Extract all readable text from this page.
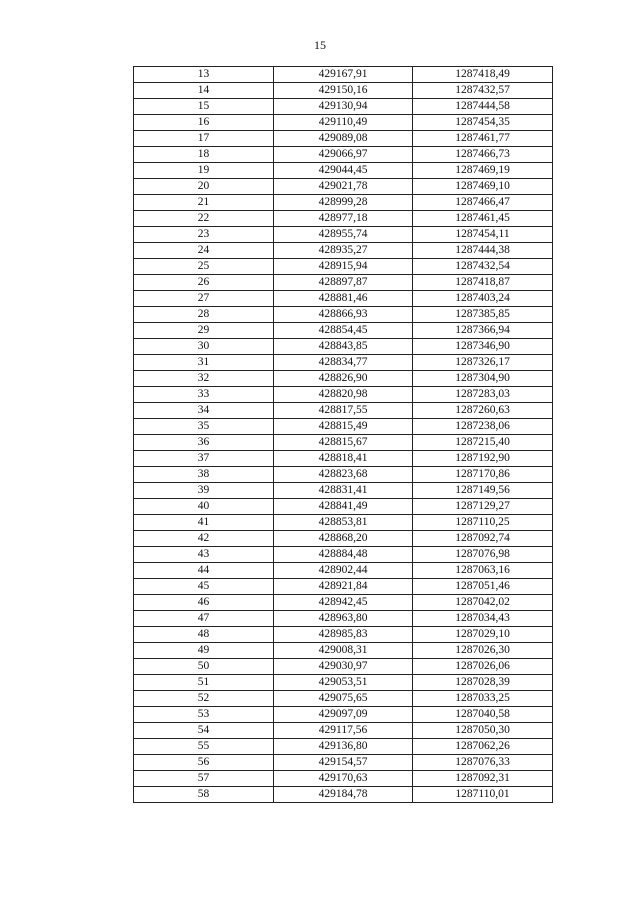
15
13	429167,91	1287418,49
14	429150,16	1287432,57
15	429130,94	1287444,58
16	429110,49	1287454,35
17	429089,08	1287461,77
18	429066,97	1287466,73
19	429044,45	1287469,19
20	429021,78	1287469,10
21	428999,28	1287466,47
22	428977,18	1287461,45
23	428955,74	1287454,11
24	428935,27	1287444,38
25	428915,94	1287432,54
26	428897,87	1287418,87
27	428881,46	1287403,24
28	428866,93	1287385,85
29	428854,45	1287366,94
30	428843,85	1287346,90
31	428834,77	1287326,17
32	428826,90	1287304,90
33	428820,98	1287283,03
34	428817,55	1287260,63
35	428815,49	1287238,06
36	428815,67	1287215,40
37	428818,41	1287192,90
38	428823,68	1287170,86
39	428831,41	1287149,56
40	428841,49	1287129,27
41	428853,81	1287110,25
42	428868,20	1287092,74
43	428884,48	1287076,98
44	428902,44	1287063,16
45	428921,84	1287051,46
46	428942,45	1287042,02
47	428963,80	1287034,43
48	428985,83	1287029,10
49	429008,31	1287026,30
50	429030,97	1287026,06
51	429053,51	1287028,39
52	429075,65	1287033,25
53	429097,09	1287040,58
54	429117,56	1287050,30
55	429136,80	1287062,26
56	429154,57	1287076,33
57	429170,63	1287092,31
58	429184,78	1287110,01
